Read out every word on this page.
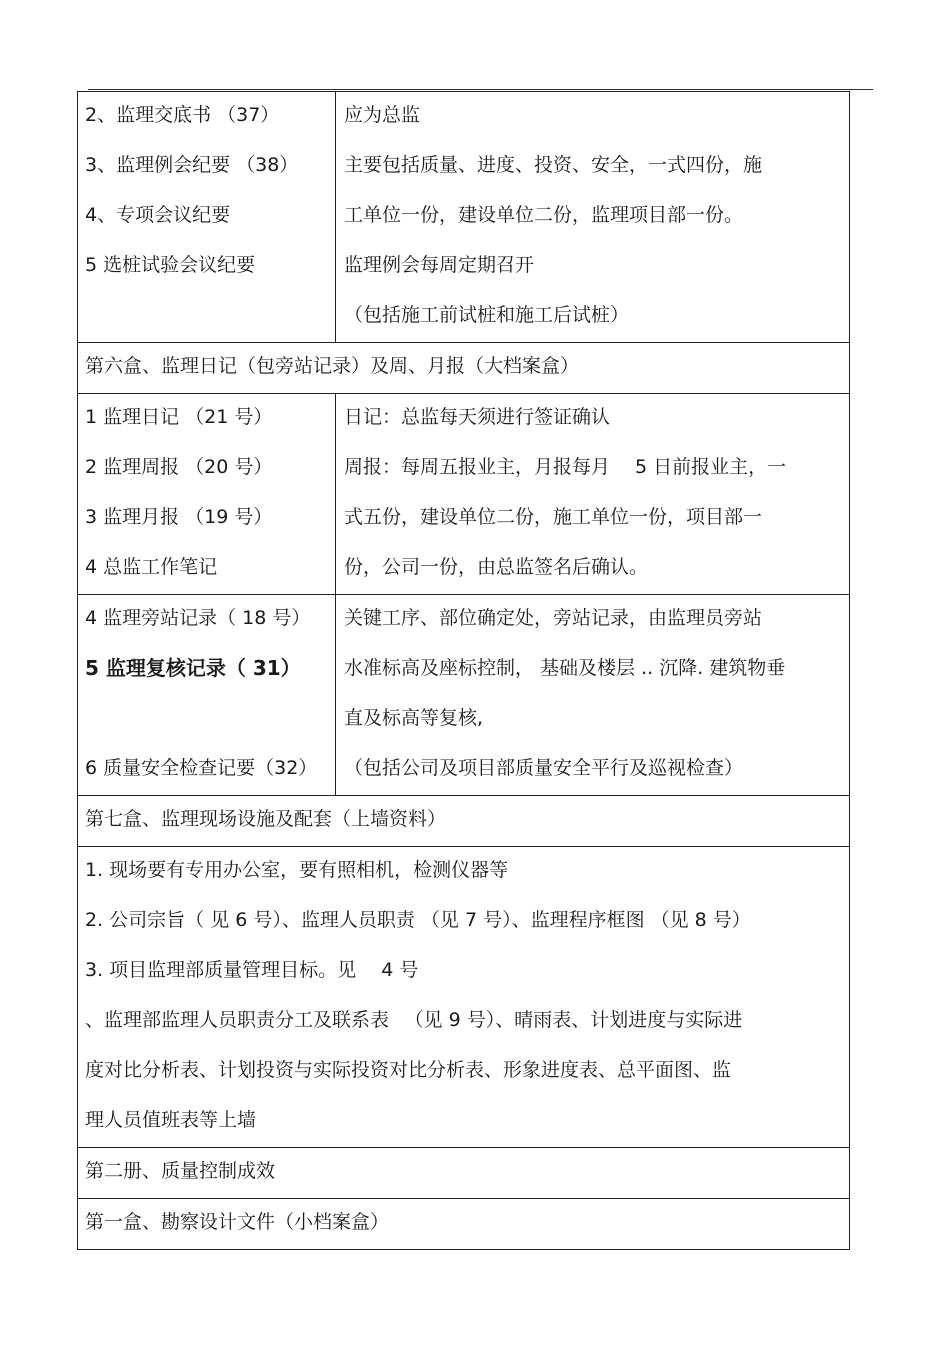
2、监理交底书 （37）
3、监理例会纪要 （38）
4、专项会议纪要
5 选桩试验会议纪要
应为总监
主要包括质量、进度、投资、安全，一式四份，施
工单位一份，建设单位二份，监理项目部一份。
监理例会每周定期召开
（包括施工前试桩和施工后试桩）
第六盒、监理日记（包旁站记录）及周、月报（大档案盒）
1 监理日记 （21 号）
2 监理周报 （20 号）
3 监理月报 （19 号）
4 总监工作笔记
日记：总监每天须进行签证确认
周报：每周五报业主，月报每月　 5 日前报业主，一
式五份，建设单位二份，施工单位一份，项目部一
份，公司一份，由总监签名后确认。
4 监理旁站记录（ 18 号）
5 监理复核记录（ 31）
6 质量安全检查记要（32）
关键工序、部位确定处，旁站记录，由监理员旁站
水准标高及座标控制， 基础及楼层 .. 沉降. 建筑物垂
直及标高等复核,
（包括公司及项目部质量安全平行及巡视检查）
第七盒、监理现场设施及配套（上墙资料）
1. 现场要有专用办公室，要有照相机，检测仪器等
2. 公司宗旨（ 见 6 号）、监理人员职责 （见 7 号）、监理程序框图 （见 8 号）
3. 项目监理部质量管理目标。见　 4 号
、监理部监理人员职责分工及联系表 　（见 9 号）、晴雨表、计划进度与实际进
度对比分析表、计划投资与实际投资对比分析表、形象进度表、总平面图、监
理人员值班表等上墙
第二册、质量控制成效
第一盒、勘察设计文件（小档案盒）
